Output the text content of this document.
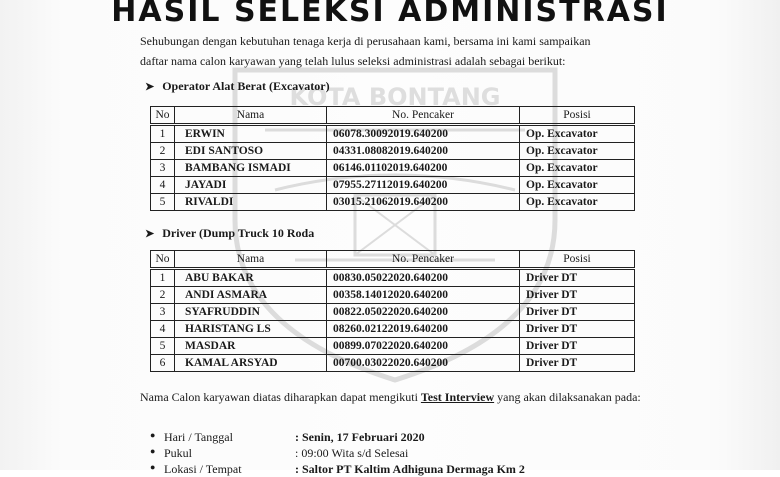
KOTA BONTANG
HASIL SELEKSI ADMINISTRASI
Sehubungan dengan kebutuhan tenaga kerja di perusahaan kami, bersama ini kami sampaikan
daftar nama calon karyawan yang telah lulus seleksi administrasi adalah sebagai berikut:
➤ Operator Alat Berat (Excavator)
No	Nama	No. Pencaker	Posisi
1	ERWIN	06078.30092019.640200	Op. Excavator
2	EDI SANTOSO	04331.08082019.640200	Op. Excavator
3	BAMBANG ISMADI	06146.01102019.640200	Op. Excavator
4	JAYADI	07955.27112019.640200	Op. Excavator
5	RIVALDI	03015.21062019.640200	Op. Excavator
➤ Driver (Dump Truck 10 Roda
No	Nama	No. Pencaker	Posisi
1	ABU BAKAR	00830.05022020.640200	Driver DT
2	ANDI ASMARA	00358.14012020.640200	Driver DT
3	SYAFRUDDIN	00822.05022020.640200	Driver DT
4	HARISTANG LS	08260.02122019.640200	Driver DT
5	MASDAR	00899.07022020.640200	Driver DT
6	KAMAL ARSYAD	00700.03022020.640200	Driver DT
Nama Calon karyawan diatas diharapkan dapat mengikuti Test Interview yang akan dilaksanakan pada:
● Hari / Tanggal	: Senin, 17 Februari 2020
● Pukul	: 09:00 Wita s/d Selesai
● Lokasi / Tempat	: Saltor PT Kaltim Adhiguna Dermaga Km 2
